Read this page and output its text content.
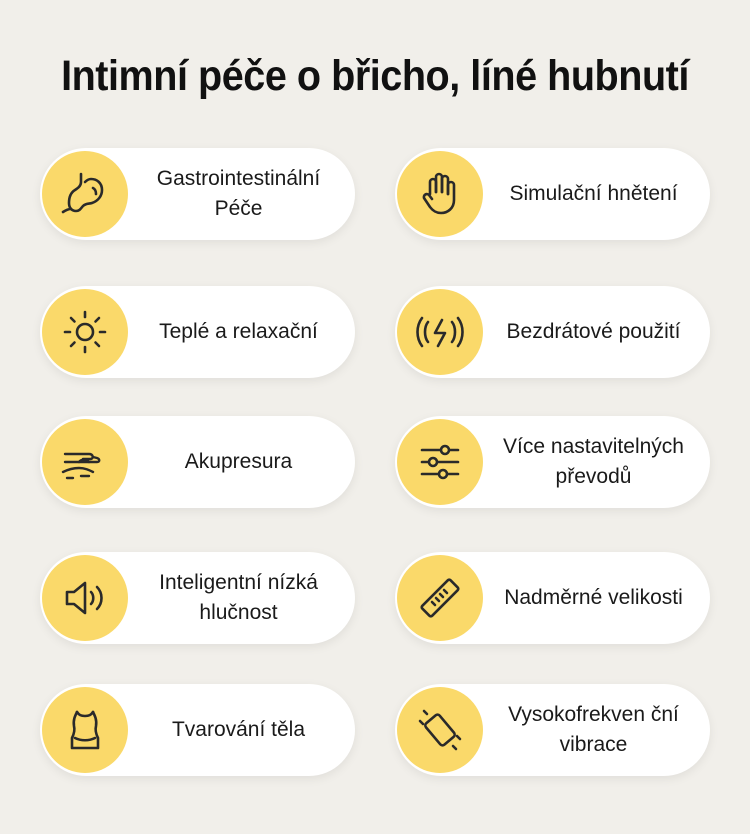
Intimní péče o břicho, líné hubnutí
Gastrointestinální Péče
Simulační hnětení
Teplé a relaxační	Bezdrátové použití
Akupresura
Více nastavitelných převodů
Inteligentní nízká hlučnost
Nadměrné velikosti
Tvarování těla
Vysokofrekven ční vibrace
